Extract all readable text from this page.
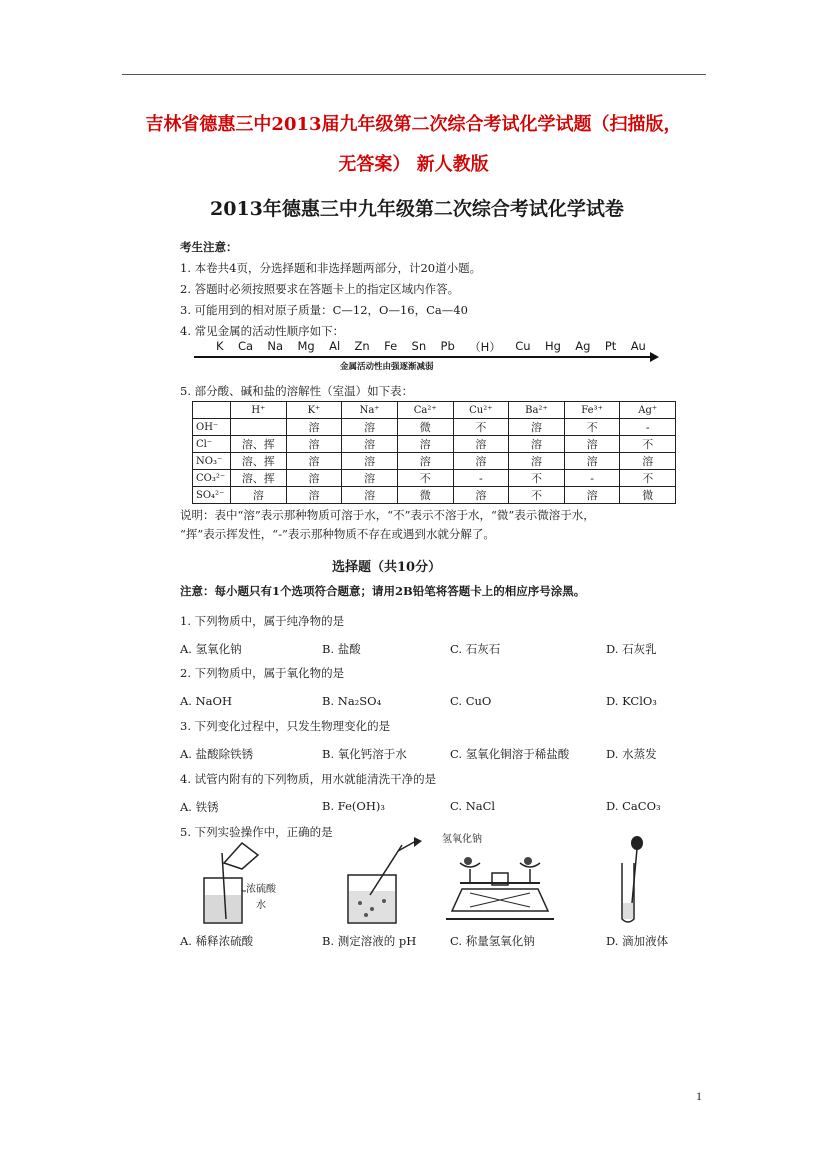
吉林省德惠三中2013届九年级第二次综合考试化学试题（扫描版，
无答案） 新人教版
2013年德惠三中九年级第二次综合考试化学试卷
考生注意：
1. 本卷共4页，分选择题和非选择题两部分，计20道小题。
2. 答题时必须按照要求在答题卡上的指定区域内作答。
3. 可能用到的相对原子质量：C—12，O—16，Ca—40
4. 常见金属的活动性顺序如下：
K Ca Na Mg Al Zn Fe Sn Pb （H） Cu Hg Ag Pt Au
金属活动性由强逐渐减弱
5. 部分酸、碱和盐的溶解性（室温）如下表：
	H⁺	K⁺	Na⁺	Ca²⁺	Cu²⁺	Ba²⁺	Fe³⁺	Ag⁺
OH⁻		溶	溶	微	不	溶	不	-
Cl⁻	溶、挥	溶	溶	溶	溶	溶	溶	不
NO₃⁻	溶、挥	溶	溶	溶	溶	溶	溶	溶
CO₃²⁻	溶、挥	溶	溶	不	-	不	-	不
SO₄²⁻	溶	溶	溶	微	溶	不	溶	微
说明：表中“溶”表示那种物质可溶于水，“不”表示不溶于水，“微”表示微溶于水，
“挥”表示挥发性，“-”表示那种物质不存在或遇到水就分解了。
选择题（共10分）
注意：每小题只有1个选项符合题意；请用2B铅笔将答题卡上的相应序号涂黑。
1. 下列物质中，属于纯净物的是
A. 氢氧化钠	B. 盐酸	C. 石灰石	D. 石灰乳
2. 下列物质中，属于氧化物的是
A. NaOH	B. Na₂SO₄	C. CuO	D. KClO₃
3. 下列变化过程中，只发生物理变化的是
A. 盐酸除铁锈	B. 氧化钙溶于水	C. 氢氧化铜溶于稀盐酸	D. 水蒸发
4. 试管内附有的下列物质，用水就能清洗干净的是
A. 铁锈	B. Fe(OH)₃	C. NaCl	D. CaCO₃
5. 下列实验操作中，正确的是
浓硫酸
水
氢氧化钠
A. 稀释浓硫酸	B. 测定溶液的 pH	C. 称量氢氧化钠	D. 滴加液体
1
